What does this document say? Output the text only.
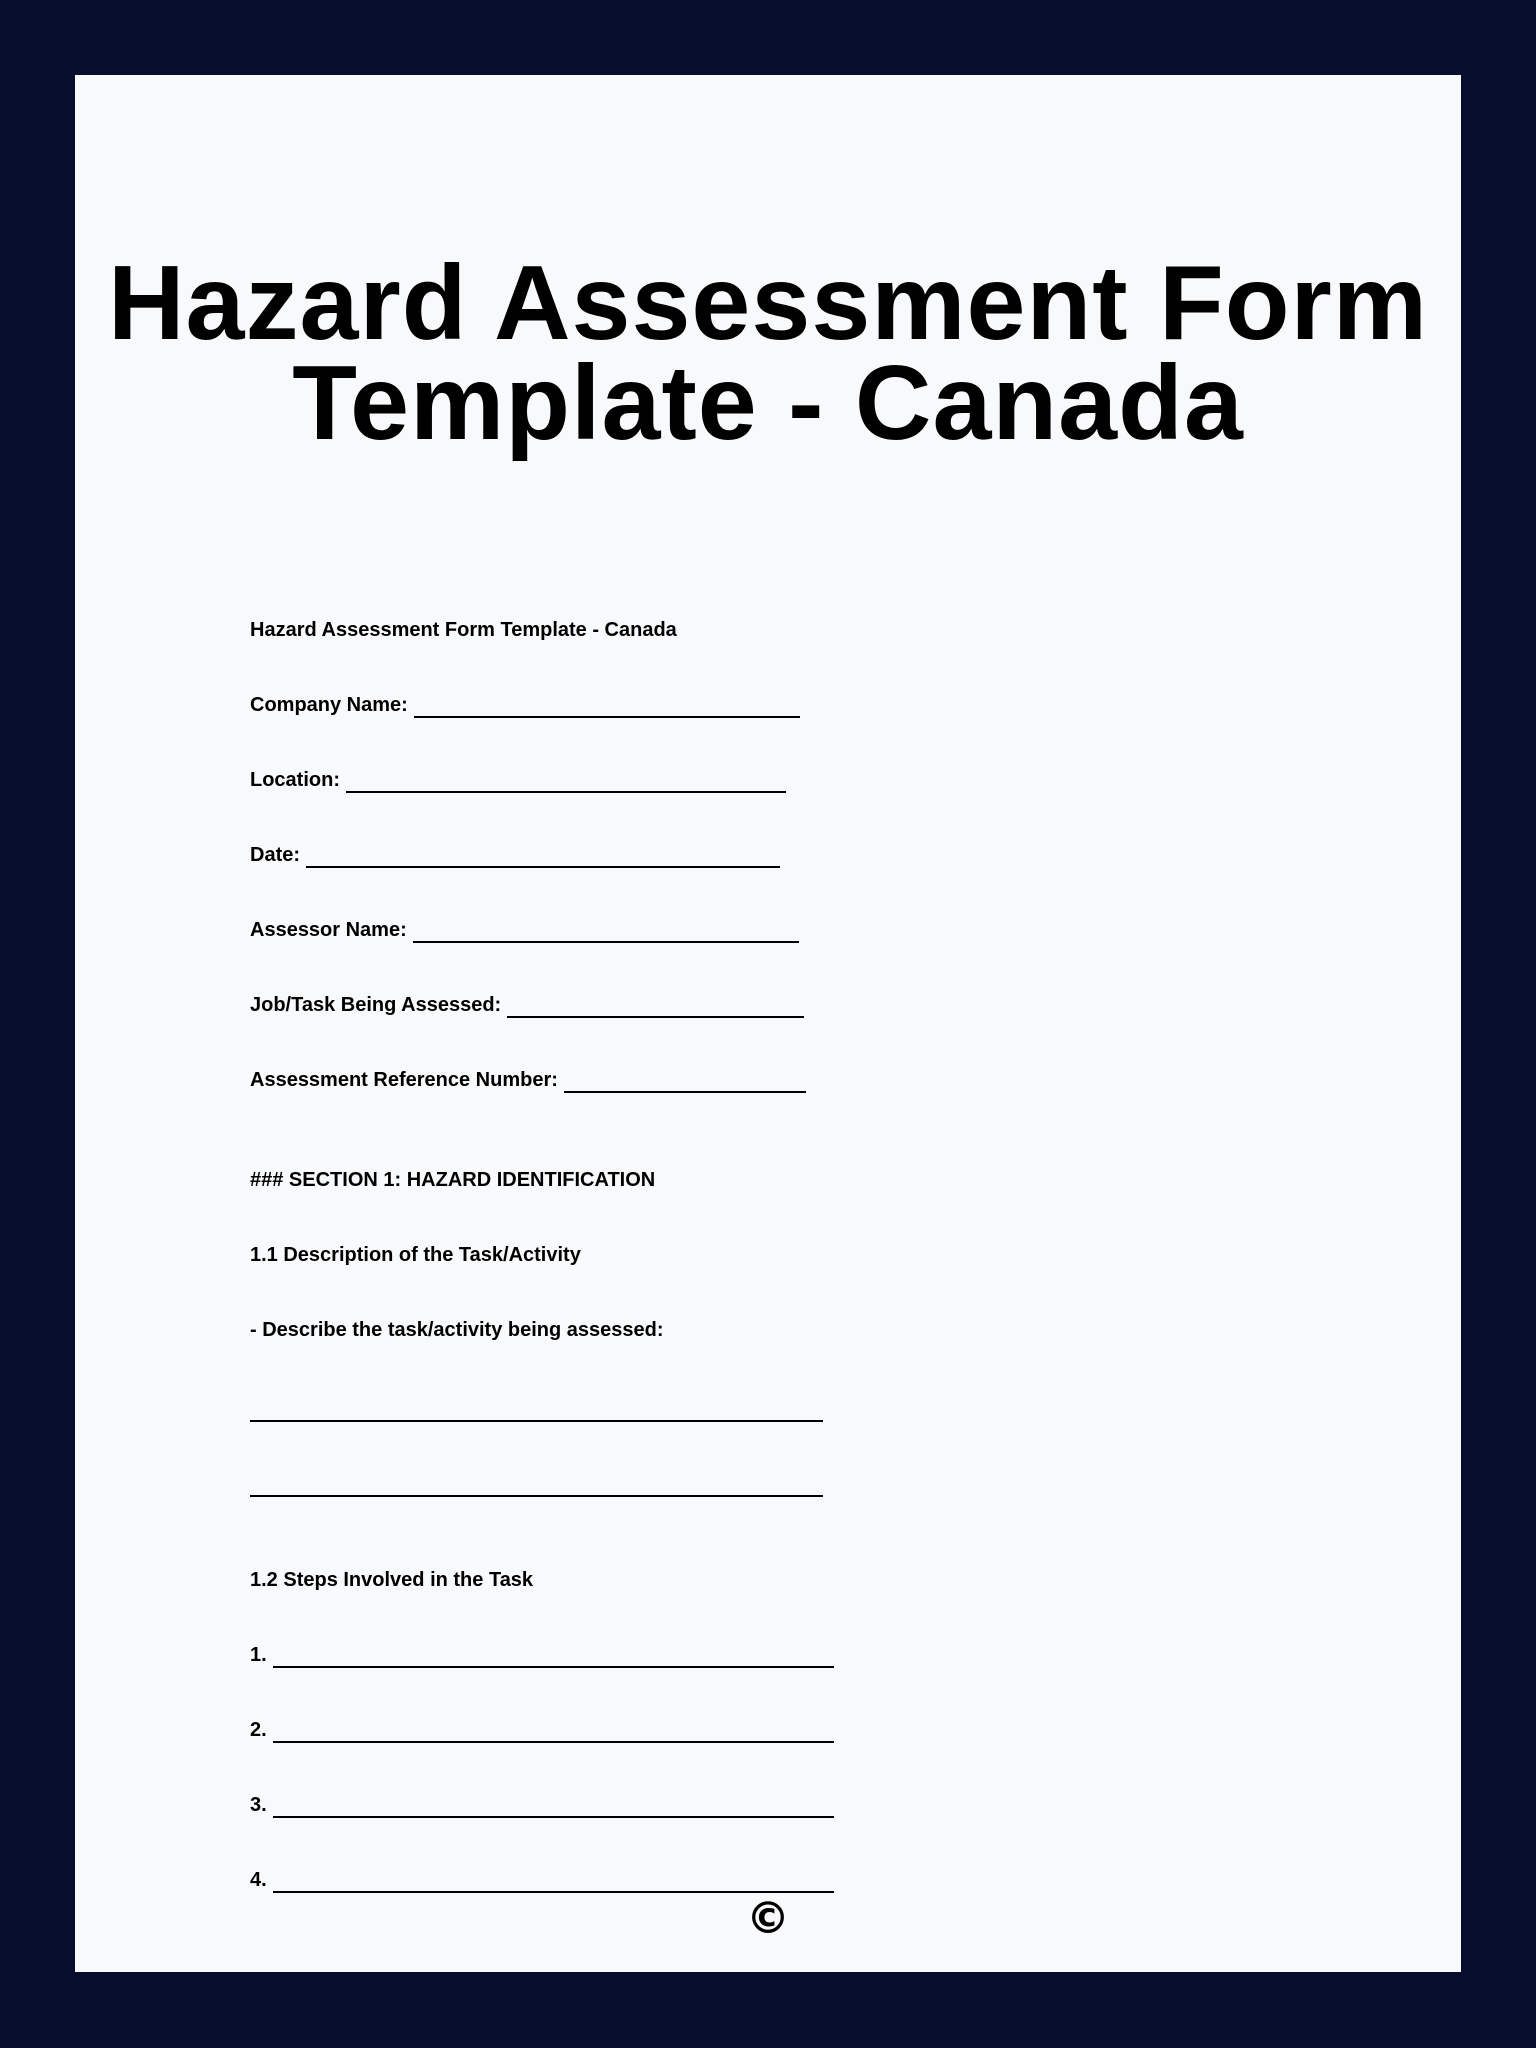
Hazard Assessment Form Template - Canada
Hazard Assessment Form Template - Canada
Company Name:
Location:
Date:
Assessor Name:
Job/Task Being Assessed:
Assessment Reference Number:
### SECTION 1: HAZARD IDENTIFICATION
1.1 Description of the Task/Activity
- Describe the task/activity being assessed:
1.2 Steps Involved in the Task
1.
2.
3.
4.
©
